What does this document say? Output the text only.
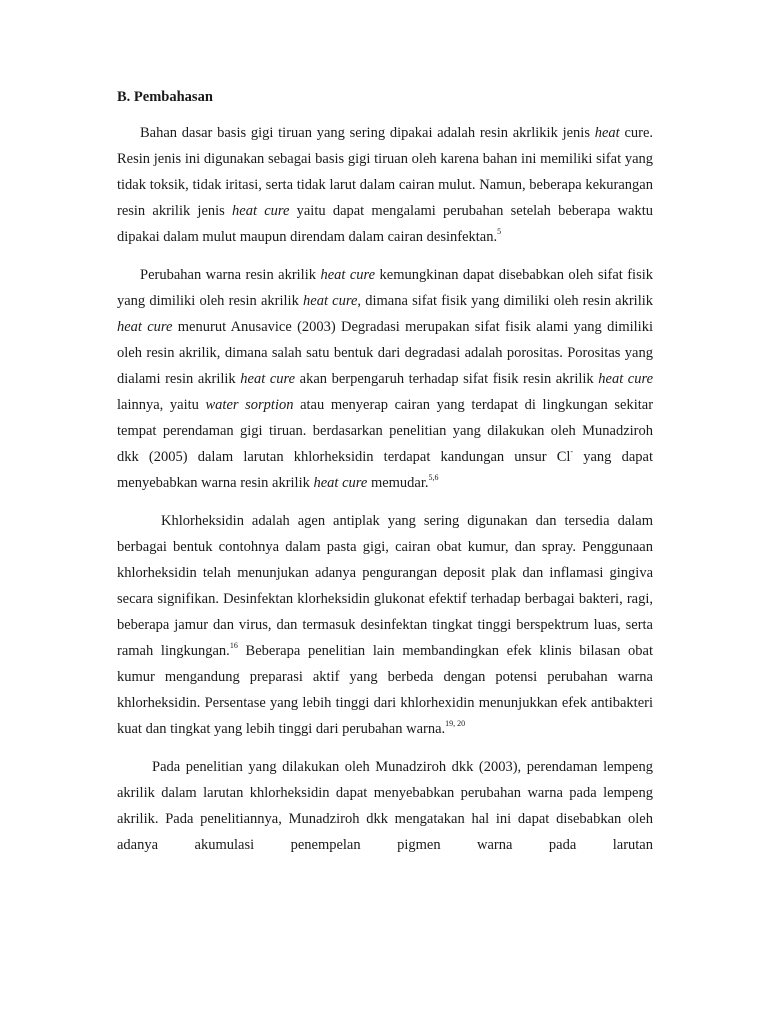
B. Pembahasan

Bahan dasar basis gigi tiruan yang sering dipakai adalah resin akrlikik jenis heat cure. Resin jenis ini digunakan sebagai basis gigi tiruan oleh karena bahan ini memiliki sifat yang tidak toksik, tidak iritasi, serta tidak larut dalam cairan mulut. Namun, beberapa kekurangan resin akrilik jenis heat cure yaitu dapat mengalami perubahan setelah beberapa waktu dipakai dalam mulut maupun direndam dalam cairan desinfektan.$^5$

Perubahan warna resin akrilik heat cure kemungkinan dapat disebabkan oleh sifat fisik yang dimiliki oleh resin akrilik heat cure, dimana sifat fisik yang dimiliki oleh resin akrilik heat cure menurut Anusavice (2003) Degradasi merupakan sifat fisik alami yang dimiliki oleh resin akrilik, dimana salah satu bentuk dari degradasi adalah porositas. Porositas yang dialami resin akrilik heat cure akan berpengaruh terhadap sifat fisik resin akrilik heat cure lainnya, yaitu water sorption atau menyerap cairan yang terdapat di lingkungan sekitar tempat perendaman gigi tiruan. berdasarkan penelitian yang dilakukan oleh Munadziroh dkk (2005) dalam larutan khlorheksidin terdapat kandungan unsur Cl- yang dapat menyebabkan warna resin akrilik heat cure memudar.$^{5,6}$

Khlorheksidin adalah agen antiplak yang sering digunakan dan tersedia dalam berbagai bentuk contohnya dalam pasta gigi, cairan obat kumur, dan spray. Penggunaan khlorheksidin telah menunjukan adanya pengurangan deposit plak dan inflamasi gingiva secara signifikan. Desinfektan klorheksidin glukonat efektif terhadap berbagai bakteri, ragi, beberapa jamur dan virus, dan termasuk desinfektan tingkat tinggi berspektrum luas, serta ramah lingkungan.$^{16}$ Beberapa penelitian lain membandingkan efek klinis bilasan obat kumur mengandung preparasi aktif yang berbeda dengan potensi perubahan warna khlorheksidin. Persentase yang lebih tinggi dari khlorhexidin menunjukkan efek antibakteri kuat dan tingkat yang lebih tinggi dari perubahan warna.$^{19, 20}$

Pada penelitian yang dilakukan oleh Munadziroh dkk (2003), perendaman lempeng akrilik dalam larutan khlorheksidin dapat menyebabkan perubahan warna pada lempeng akrilik. Pada penelitiannya, Munadziroh dkk mengatakan hal ini dapat disebabkan oleh adanya akumulasi penempelan pigmen warna pada larutan
